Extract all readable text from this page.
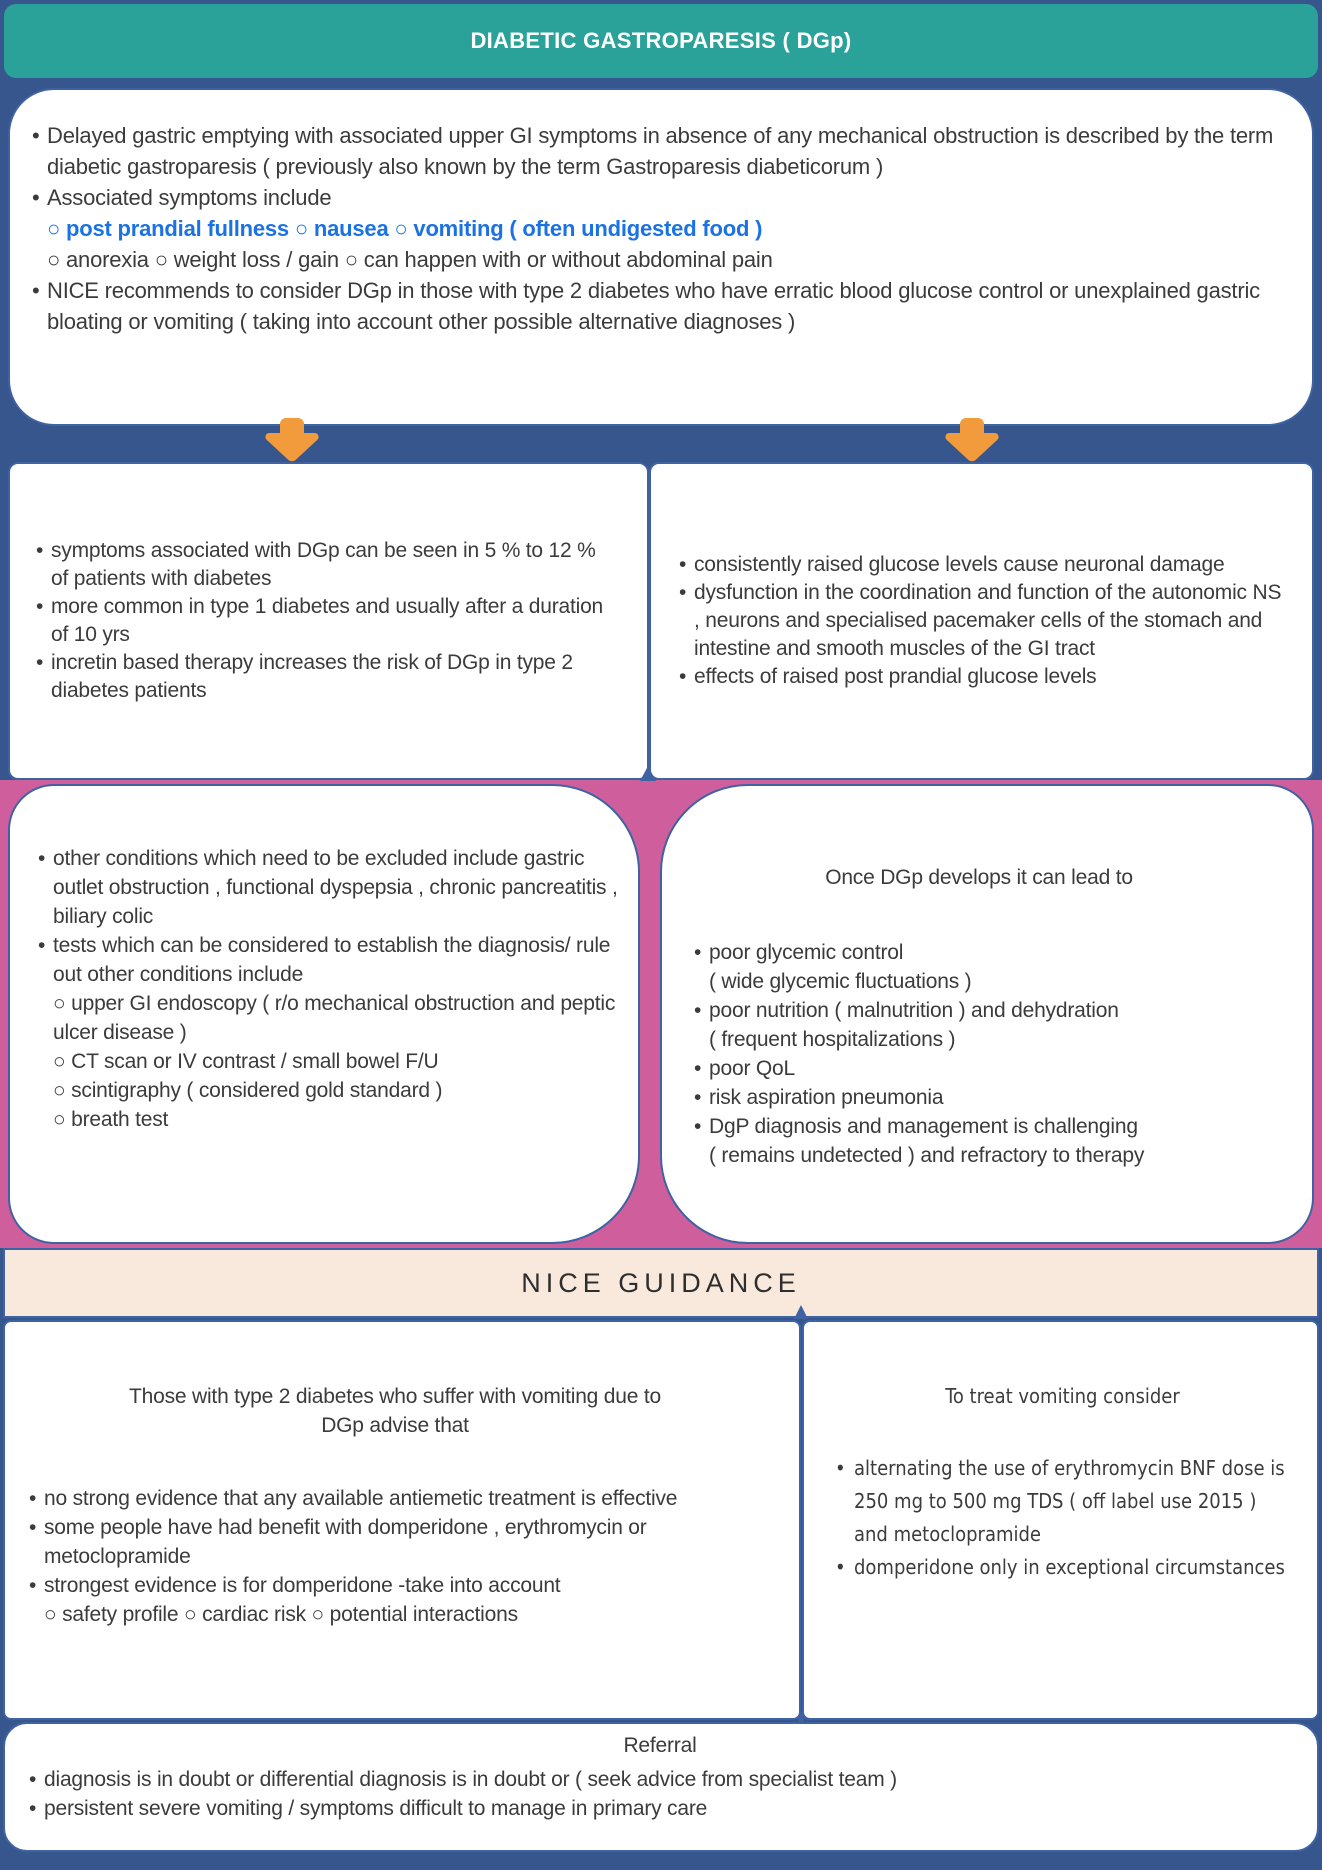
DIABETIC GASTROPARESIS ( DGp)
• Delayed gastric emptying with associated upper GI symptoms in absence of any mechanical obstruction is described by the term diabetic gastroparesis ( previously also known by the term Gastroparesis diabeticorum )
• Associated symptoms include
○ post prandial fullness ○ nausea ○ vomiting ( often undigested food )
○ anorexia ○ weight loss / gain ○ can happen with or without abdominal pain
• NICE recommends to consider DGp in those with type 2 diabetes who have erratic blood glucose control or unexplained gastric bloating or vomiting ( taking into account other possible alternative diagnoses )
• symptoms associated with DGp can be seen in 5 % to 12 % of patients with diabetes
• more common in type 1 diabetes and usually after a duration of 10 yrs
• incretin based therapy increases the risk of DGp in type 2 diabetes patients
• consistently raised glucose levels cause neuronal damage
• dysfunction in the coordination and function of the autonomic NS , neurons and specialised pacemaker cells of the stomach and intestine and smooth muscles of the GI tract
• effects of raised post prandial glucose levels
• other conditions which need to be excluded include gastric outlet obstruction , functional dyspepsia , chronic pancreatitis , biliary colic
• tests which can be considered to establish the diagnosis/ rule out other conditions include
○ upper GI endoscopy ( r/o mechanical obstruction and peptic ulcer disease )
○ CT scan or IV contrast / small bowel F/U
○ scintigraphy ( considered gold standard )
○ breath test
Once DGp develops it can lead to
• poor glycemic control
( wide glycemic fluctuations )
• poor nutrition ( malnutrition ) and dehydration
( frequent hospitalizations )
• poor QoL
• risk aspiration pneumonia
• DgP diagnosis and management is challenging
( remains undetected ) and refractory to therapy
NICE GUIDANCE
Those with type 2 diabetes who suffer with vomiting due to DGp advise that
• no strong evidence that any available antiemetic treatment is effective
• some people have had benefit with domperidone , erythromycin or metoclopramide
• strongest evidence is for domperidone -take into account
○ safety profile ○ cardiac risk ○ potential interactions
To treat vomiting consider
• alternating the use of erythromycin BNF dose is 250 mg to 500 mg TDS ( off label use 2015 ) and metoclopramide
• domperidone only in exceptional circumstances
Referral
• diagnosis is in doubt or differential diagnosis is in doubt or ( seek advice from specialist team )
• persistent severe vomiting / symptoms difficult to manage in primary care
